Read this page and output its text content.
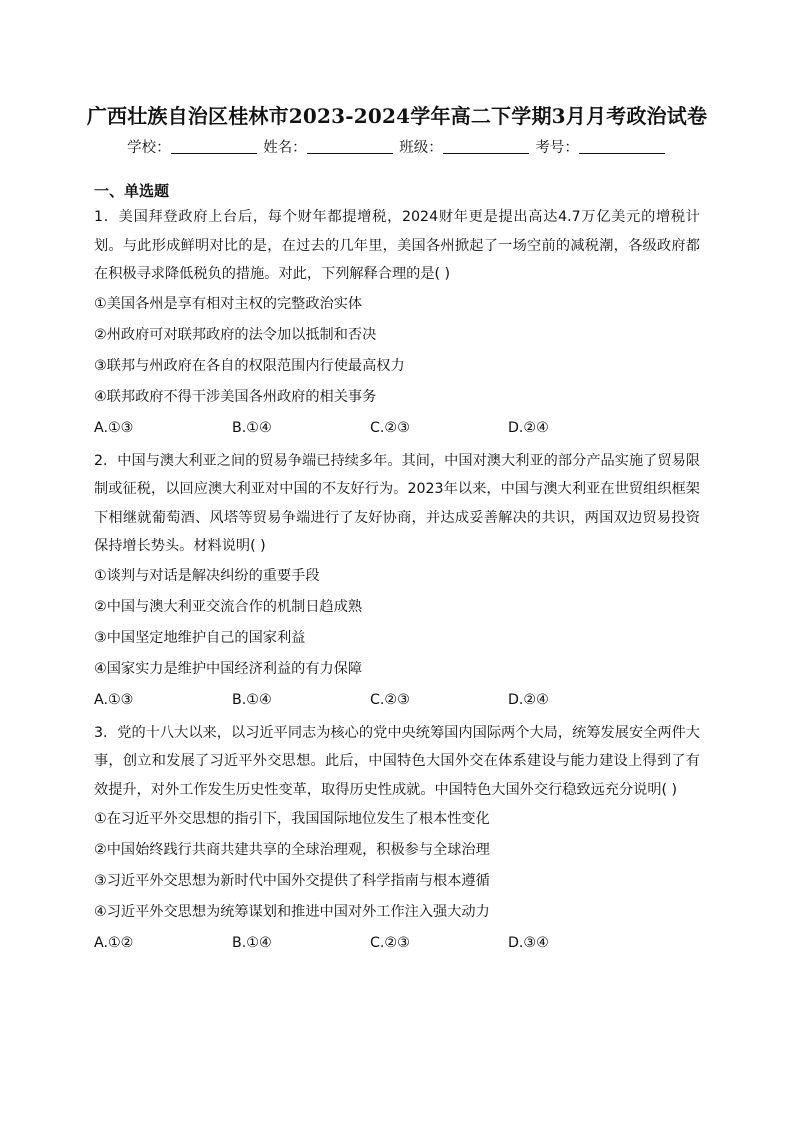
广西壮族自治区桂林市2023-2024学年高二下学期3月月考政治试卷
学校：	姓名：	班级：	考号：
一、单选题
1．美国拜登政府上台后，每个财年都提增税，2024财年更是提出高达4.7万亿美元的增税计划。与此形成鲜明对比的是，在过去的几年里，美国各州掀起了一场空前的减税潮，各级政府都在积极寻求降低税负的措施。对此，下列解释合理的是( )
①美国各州是享有相对主权的完整政治实体
②州政府可对联邦政府的法令加以抵制和否决
③联邦与州政府在各自的权限范围内行使最高权力
④联邦政府不得干涉美国各州政府的相关事务
A.①③	B.①④	C.②③	D.②④
2．中国与澳大利亚之间的贸易争端已持续多年。其间，中国对澳大利亚的部分产品实施了贸易限制或征税，以回应澳大利亚对中国的不友好行为。2023年以来，中国与澳大利亚在世贸组织框架下相继就葡萄酒、风塔等贸易争端进行了友好协商，并达成妥善解决的共识，两国双边贸易投资保持增长势头。材料说明( )
①谈判与对话是解决纠纷的重要手段
②中国与澳大利亚交流合作的机制日趋成熟
③中国坚定地维护自己的国家利益
④国家实力是维护中国经济利益的有力保障
A.①③	B.①④	C.②③	D.②④
3．党的十八大以来，以习近平同志为核心的党中央统筹国内国际两个大局，统筹发展安全两件大事，创立和发展了习近平外交思想。此后，中国特色大国外交在体系建设与能力建设上得到了有效提升，对外工作发生历史性变革，取得历史性成就。中国特色大国外交行稳致远充分说明( )
①在习近平外交思想的指引下，我国国际地位发生了根本性变化
②中国始终践行共商共建共享的全球治理观，积极参与全球治理
③习近平外交思想为新时代中国外交提供了科学指南与根本遵循
④习近平外交思想为统筹谋划和推进中国对外工作注入强大动力
A.①②	B.①④	C.②③	D.③④
